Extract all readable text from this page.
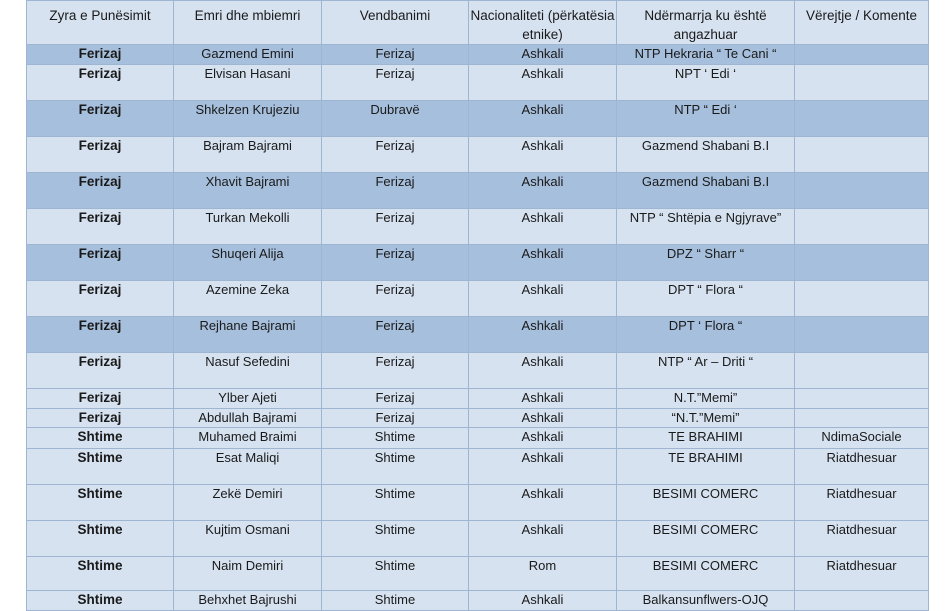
Zyra e Punësimit	Emri dhe mbiemri	Vendbanimi	Nacionaliteti (përkatësia etnike)	Ndërmarrja ku është angazhuar	Vërejtje / Komente
Ferizaj	Gazmend Emini	Ferizaj	Ashkali	NTP Hekraria “ Te Cani “	
Ferizaj	Elvisan Hasani	Ferizaj	Ashkali	NPT ‘ Edi ‘	
Ferizaj	Shkelzen Krujeziu	Dubravë	Ashkali	NTP “ Edi ‘	
Ferizaj	Bajram Bajrami	Ferizaj	Ashkali	Gazmend Shabani B.I	
Ferizaj	Xhavit Bajrami	Ferizaj	Ashkali	Gazmend Shabani B.I	
Ferizaj	Turkan Mekolli	Ferizaj	Ashkali	NTP “ Shtëpia e Ngjyrave”	
Ferizaj	Shuqeri Alija	Ferizaj	Ashkali	DPZ “ Sharr “	
Ferizaj	Azemine Zeka	Ferizaj	Ashkali	DPT “ Flora “	
Ferizaj	Rejhane Bajrami	Ferizaj	Ashkali	DPT ‘ Flora “	
Ferizaj	Nasuf Sefedini	Ferizaj	Ashkali	NTP “ Ar – Driti “	
Ferizaj	Ylber Ajeti	Ferizaj	Ashkali	N.T.”Memi”	
Ferizaj	Abdullah Bajrami	Ferizaj	Ashkali	“N.T.”Memi”	
Shtime	Muhamed Braimi	Shtime	Ashkali	TE BRAHIMI	NdimaSociale
Shtime	Esat Maliqi	Shtime	Ashkali	TE BRAHIMI	Riatdhesuar
Shtime	Zekë Demiri	Shtime	Ashkali	BESIMI COMERC	Riatdhesuar
Shtime	Kujtim Osmani	Shtime	Ashkali	BESIMI COMERC	Riatdhesuar
Shtime	Naim Demiri	Shtime	Rom	BESIMI COMERC	Riatdhesuar
Shtime	Behxhet Bajrushi	Shtime	Ashkali	Balkansunflwers-OJQ	
